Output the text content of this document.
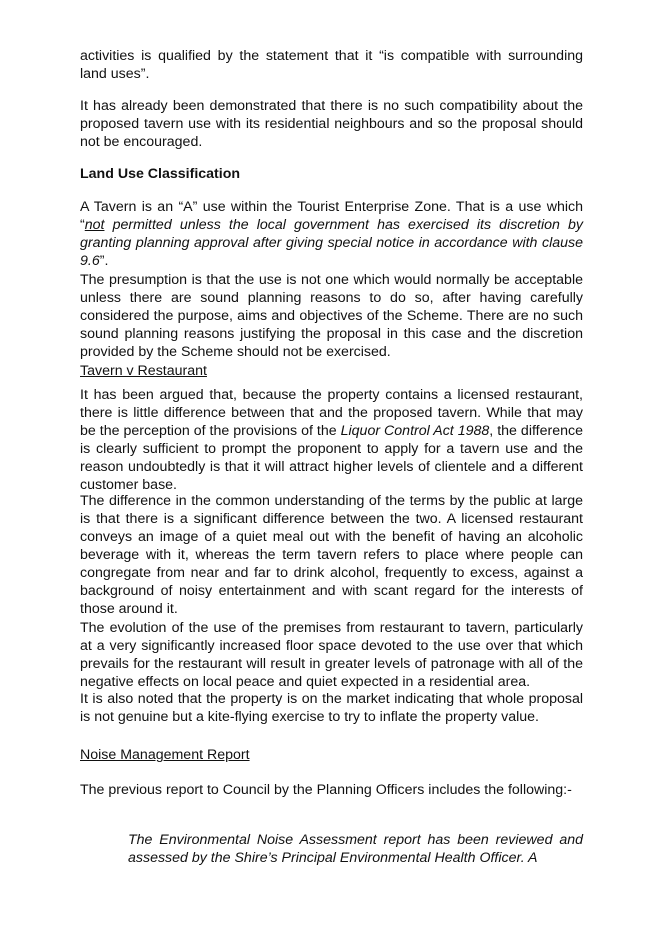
activities is qualified by the statement that it “is compatible with surrounding land uses”.

It has already been demonstrated that there is no such compatibility about the proposed tavern use with its residential neighbours and so the proposal should not be encouraged.

Land Use Classification

A Tavern is an “A” use within the Tourist Enterprise Zone. That is a use which “not permitted unless the local government has exercised its discretion by granting planning approval after giving special notice in accordance with clause 9.6”.

The presumption is that the use is not one which would normally be acceptable unless there are sound planning reasons to do so, after having carefully considered the purpose, aims and objectives of the Scheme. There are no such sound planning reasons justifying the proposal in this case and the discretion provided by the Scheme should not be exercised.

Tavern v Restaurant

It has been argued that, because the property contains a licensed restaurant, there is little difference between that and the proposed tavern. While that may be the perception of the provisions of the Liquor Control Act 1988, the difference is clearly sufficient to prompt the proponent to apply for a tavern use and the reason undoubtedly is that it will attract higher levels of clientele and a different customer base.

The difference in the common understanding of the terms by the public at large is that there is a significant difference between the two. A licensed restaurant conveys an image of a quiet meal out with the benefit of having an alcoholic beverage with it, whereas the term tavern refers to place where people can congregate from near and far to drink alcohol, frequently to excess, against a background of noisy entertainment and with scant regard for the interests of those around it.

The evolution of the use of the premises from restaurant to tavern, particularly at a very significantly increased floor space devoted to the use over that which prevails for the restaurant will result in greater levels of patronage with all of the negative effects on local peace and quiet expected in a residential area.

It is also noted that the property is on the market indicating that whole proposal is not genuine but a kite-flying exercise to try to inflate the property value.

Noise Management Report

The previous report to Council by the Planning Officers includes the following:-

The Environmental Noise Assessment report has been reviewed and assessed by the Shire’s Principal Environmental Health Officer. A
